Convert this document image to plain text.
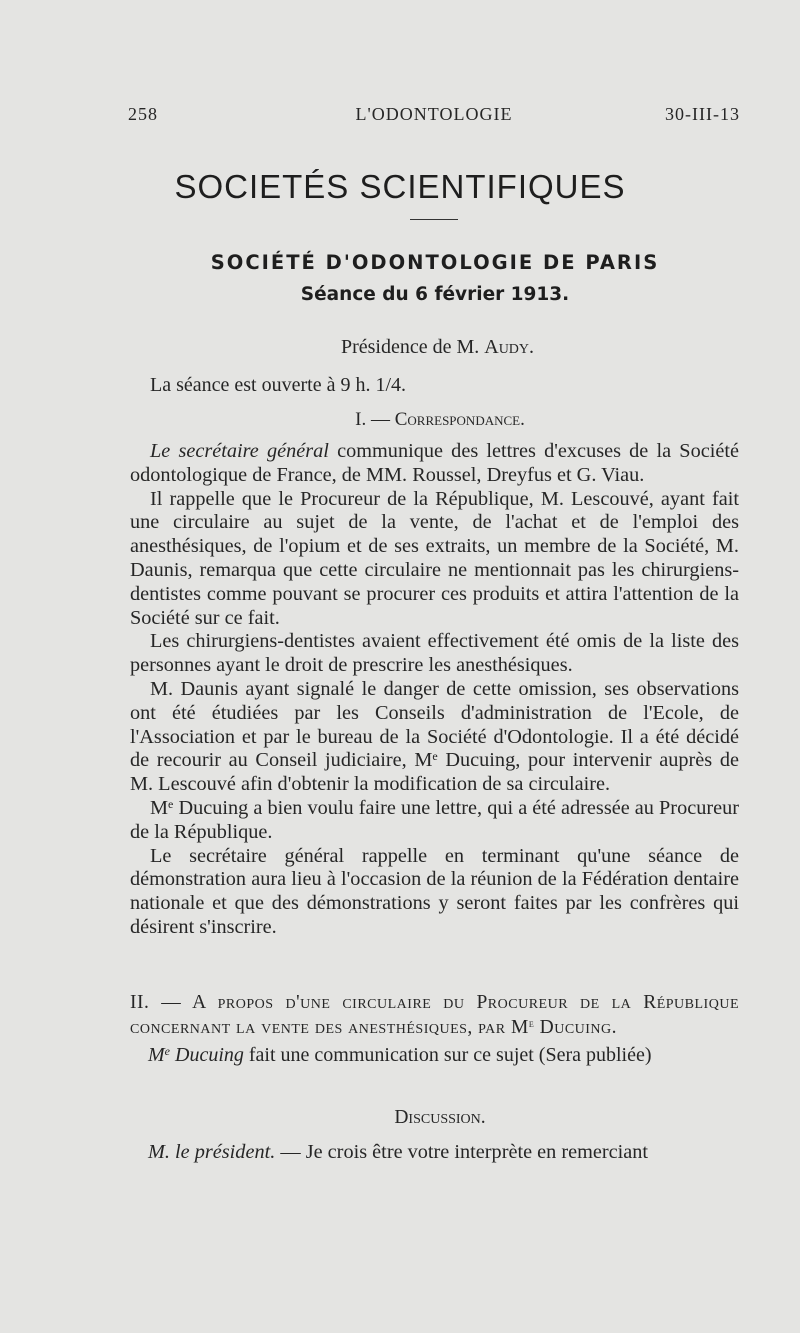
258	L'ODONTOLOGIE	30-III-13
SOCIETÉS SCIENTIFIQUES
SOCIÉTÉ D'ODONTOLOGIE DE PARIS
Séance du 6 février 1913.
Présidence de M. Audy.
La séance est ouverte à 9 h. 1/4.
I. — Correspondance.

Le secrétaire général communique des lettres d'excuses de la Société odontologique de France, de MM. Roussel, Dreyfus et G. Viau.

Il rappelle que le Procureur de la République, M. Lescouvé, ayant fait une circulaire au sujet de la vente, de l'achat et de l'emploi des anesthésiques, de l'opium et de ses extraits, un membre de la Société, M. Daunis, remarqua que cette circulaire ne mentionnait pas les chirurgiens-dentistes comme pouvant se procurer ces produits et attira l'attention de la Société sur ce fait.

Les chirurgiens-dentistes avaient effectivement été omis de la liste des personnes ayant le droit de prescrire les anesthésiques.

M. Daunis ayant signalé le danger de cette omission, ses observations ont été étudiées par les Conseils d'administration de l'Ecole, de l'Association et par le bureau de la Société d'Odontologie. Il a été décidé de recourir au Conseil judiciaire, Me Ducuing, pour intervenir auprès de M. Lescouvé afin d'obtenir la modification de sa circulaire.

Me Ducuing a bien voulu faire une lettre, qui a été adressée au Procureur de la République.

Le secrétaire général rappelle en terminant qu'une séance de démonstration aura lieu à l'occasion de la réunion de la Fédération dentaire nationale et que des démonstrations y seront faites par les confrères qui désirent s'inscrire.

II. — A propos d'une circulaire du Procureur de la République concernant la vente des anesthésiques, par Me Ducuing.
Me Ducuing fait une communication sur ce sujet (Sera publiée)
Discussion.
M. le président. — Je crois être votre interprète en remerciant
